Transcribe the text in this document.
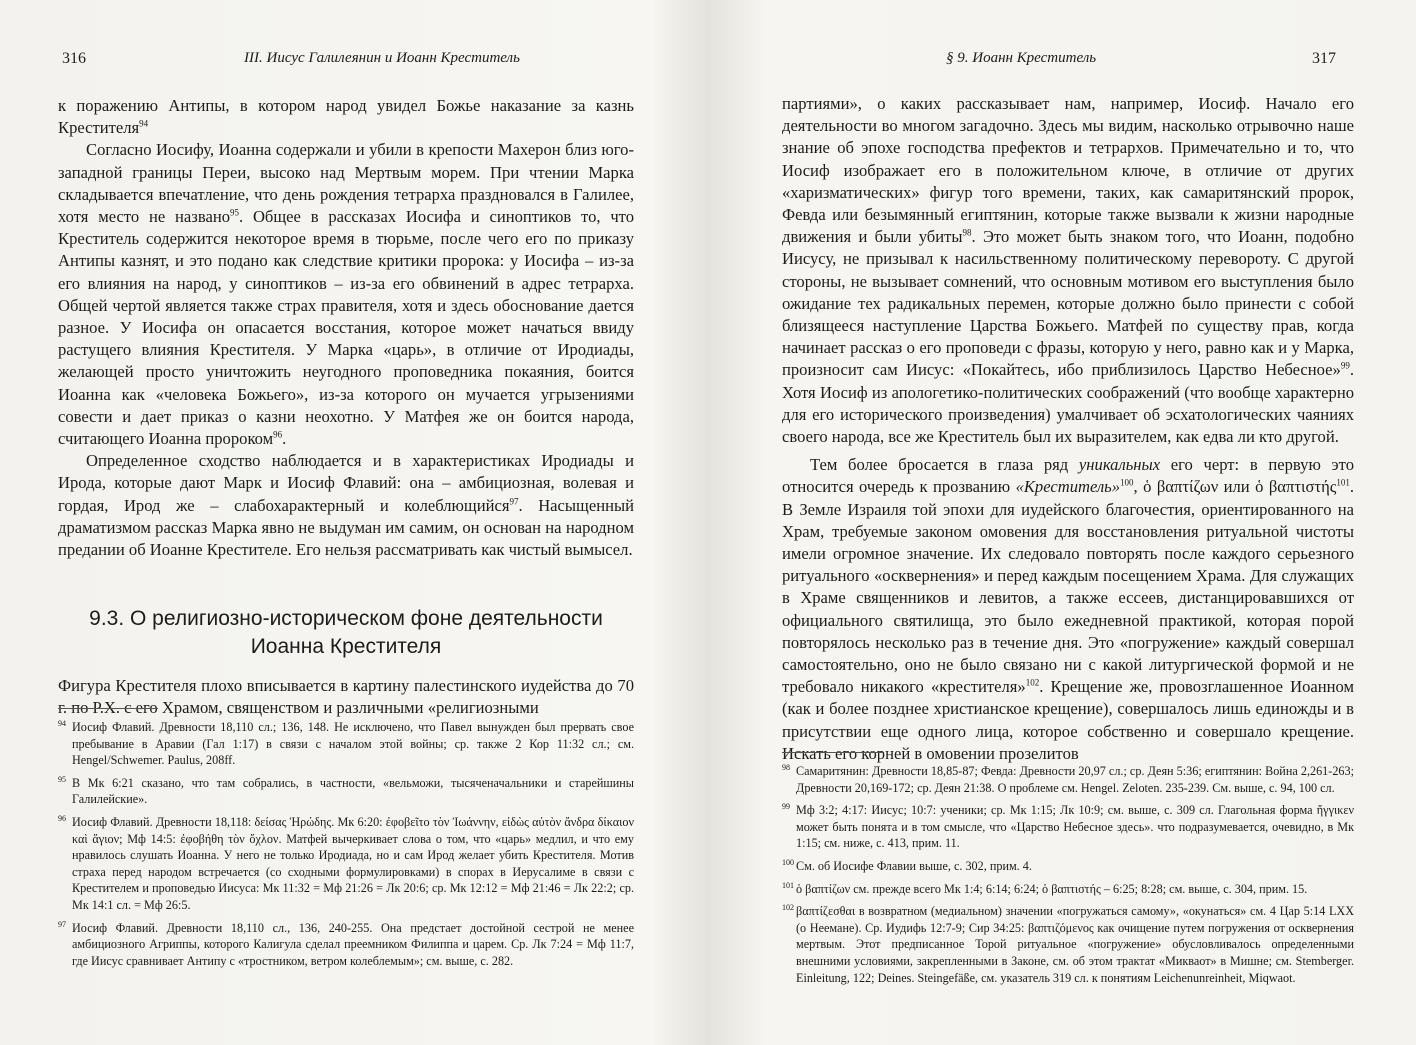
316	III. Иисус Галилеянин и Иоанн Креститель

к поражению Антипы, в котором народ увидел Божье наказание за казнь Крестителя$^{94}$

Согласно Иосифу, Иоанна содержали и убили в крепости Махерон близ юго-западной границы Переи, высоко над Мертвым морем. При чтении Марка складывается впечатление, что день рождения тетрарха праздновался в Галилее, хотя место не названо$^{95}$. Общее в рассказах Иосифа и синоптиков то, что Креститель содержится некоторое время в тюрьме, после чего его по приказу Антипы казнят, и это подано как следствие критики пророка: у Иосифа – из-за его влияния на народ, у синоптиков – из-за его обвинений в адрес тетрарха. Общей чертой является также страх правителя, хотя и здесь обоснование дается разное. У Иосифа он опасается восстания, которое может начаться ввиду растущего влияния Крестителя. У Марка «царь», в отличие от Иродиады, желающей просто уничтожить неугодного проповедника покаяния, боится Иоанна как «человека Божьего», из-за которого он мучается угрызениями совести и дает приказ о казни неохотно. У Матфея же он боится народа, считающего Иоанна пророком$^{96}$.

Определенное сходство наблюдается и в характеристиках Иродиады и Ирода, которые дают Марк и Иосиф Флавий: она – амбициозная, волевая и гордая, Ирод же – слабохарактерный и колеблющийся$^{97}$. Насыщенный драматизмом рассказ Марка явно не выдуман им самим, он основан на народном предании об Иоанне Крестителе. Его нельзя рассматривать как чистый вымысел.

9.3. О религиозно-историческом фоне деятельности
Иоанна Крестителя

Фигура Крестителя плохо вписывается в картину палестинского иудейства до 70 г. по Р.Х. с его Храмом, священством и различными «религиозными

94 Иосиф Флавий. Древности 18,110 сл.; 136, 148. Не исключено, что Павел вынужден был прервать свое пребывание в Аравии (Гал 1:17) в связи с началом этой войны; ср. также 2 Кор 11:32 сл.; см. Hengel/Schwemer. Paulus, 208ff.
95 В Мк 6:21 сказано, что там собрались, в частности, «вельможи, тысяченачальники и старейшины Галилейские».
96 Иосиф Флавий. Древности 18,118: δείσας Ἡρώδης. Мк 6:20: ἐφοβεῖτο τὸν Ἰωάννην, εἰδὼς αὐτὸν ἄνδρα δίκαιον καὶ ἅγιον; Мф 14:5: ἐφοβήθη τὸν ὄχλον. Матфей вычеркивает слова о том, что «царь» медлил, и что ему нравилось слушать Иоанна. У него не только Иродиада, но и сам Ирод желает убить Крестителя. Мотив страха перед народом встречается (со сходными формулировками) в спорах в Иерусалиме в связи с Крестителем и проповедью Иисуса: Мк 11:32 = Мф 21:26 = Лк 20:6; ср. Мк 12:12 = Мф 21:46 = Лк 22:2; ср. Мк 14:1 сл. = Мф 26:5.
97 Иосиф Флавий. Древности 18,110 сл., 136, 240-255. Она предстает достойной сестрой не менее амбициозного Агриппы, которого Калигула сделал преемником Филиппа и царем. Ср. Лк 7:24 = Мф 11:7, где Иисус сравнивает Антипу с «тростником, ветром колеблемым»; см. выше, с. 282.
§ 9. Иоанн Креститель	317

партиями», о каких рассказывает нам, например, Иосиф. Начало его деятельности во многом загадочно. Здесь мы видим, насколько отрывочно наше знание об эпохе господства префектов и тетрархов. Примечательно и то, что Иосиф изображает его в положительном ключе, в отличие от других «харизматических» фигур того времени, таких, как самаритянский пророк, Февда или безымянный египтянин, которые также вызвали к жизни народные движения и были убиты$^{98}$. Это может быть знаком того, что Иоанн, подобно Иисусу, не призывал к насильственному политическому перевороту. С другой стороны, не вызывает сомнений, что основным мотивом его выступления было ожидание тех радикальных перемен, которые должно было принести с собой близящееся наступление Царства Божьего. Матфей по существу прав, когда начинает рассказ о его проповеди с фразы, которую у него, равно как и у Марка, произносит сам Иисус: «Покайтесь, ибо приблизилось Царство Небесное»$^{99}$. Хотя Иосиф из апологетико-политических соображений (что вообще характерно для его исторического произведения) умалчивает об эсхатологических чаяниях своего народа, все же Креститель был их выразителем, как едва ли кто другой.

Тем более бросается в глаза ряд уникальных его черт: в первую это относится очередь к прозванию «Креститель»$^{100}$, ὁ βαπτίζων или ὁ βαπτιστής$^{101}$. В Земле Израиля той эпохи для иудейского благочестия, ориентированного на Храм, требуемые законом омовения для восстановления ритуальной чистоты имели огромное значение. Их следовало повторять после каждого серьезного ритуального «осквернения» и перед каждым посещением Храма. Для служащих в Храме священников и левитов, а также ессеев, дистанцировавшихся от официального святилища, это было ежедневной практикой, которая порой повторялось несколько раз в течение дня. Это «погружение» каждый совершал самостоятельно, оно не было связано ни с какой литургической формой и не требовало никакого «крестителя»$^{102}$. Крещение же, провозглашенное Иоанном (как и более позднее христианское крещение), совершалось лишь единожды и в присутствии еще одного лица, которое собственно и совершало крещение. Искать его корней в омовении прозелитов

98 Самаритянин: Древности 18,85-87; Февда: Древности 20,97 сл.; ср. Деян 5:36; египтянин: Война 2,261-263; Древности 20,169-172; ср. Деян 21:38. О проблеме см. Hengel. Zeloten. 235-239. См. выше, с. 94, 100 сл.
99 Мф 3:2; 4:17: Иисус; 10:7: ученики; ср. Мк 1:15; Лк 10:9; см. выше, с. 309 сл. Глагольная форма ἤγγικεν может быть понята и в том смысле, что «Царство Небесное здесь». что подразумевается, очевидно, в Мк 1:15; см. ниже, с. 413, прим. 11.
100 См. об Иосифе Флавии выше, с. 302, прим. 4.
101 ὁ βαπτίζων см. прежде всего Мк 1:4; 6:14; 6:24; ὁ βαπτιστής – 6:25; 8:28; см. выше, с. 304, прим. 15.
102 βαπτίζεσθαι в возвратном (медиальном) значении «погружаться самому», «окунаться» см. 4 Цар 5:14 LXX (о Неемане). Ср. Иудифь 12:7-9; Сир 34:25: βαπτιζόμενος как очищение путем погружения от осквернения мертвым. Этот предписанное Торой ритуальное «погружение» обусловливалось определенными внешними условиями, закрепленными в Законе, см. об этом трактат «Микваот» в Мишне; см. Stemberger. Einleitung, 122; Deines. Steingefäße, см. указатель 319 сл. к понятиям Leichenunreinheit, Miqwaot.
